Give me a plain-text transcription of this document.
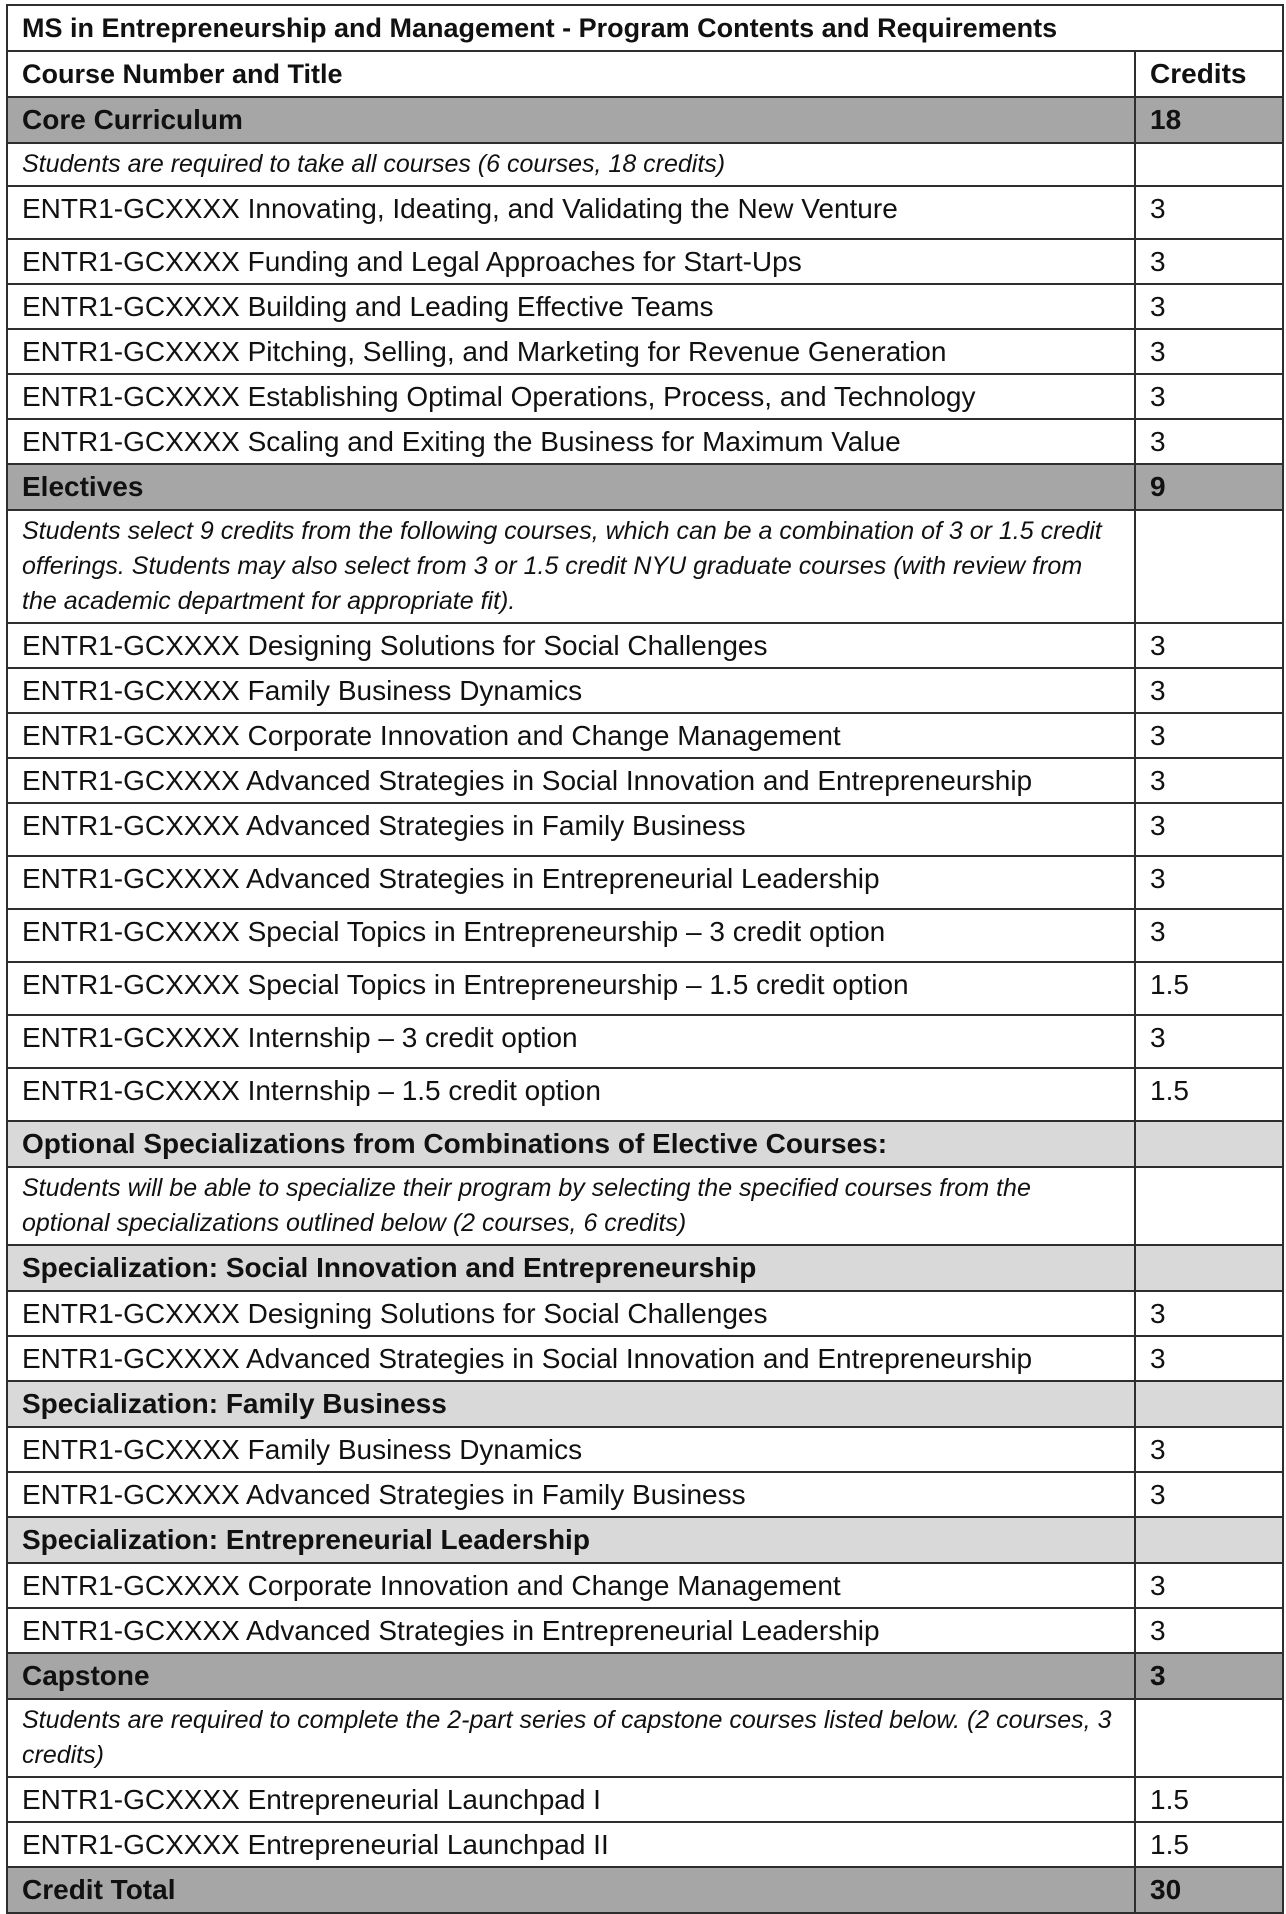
MS in Entrepreneurship and Management - Program Contents and Requirements	
Course Number and Title	Credits
Core Curriculum	18
Students are required to take all courses (6 courses, 18 credits)	
ENTR1-GCXXXX Innovating, Ideating, and Validating the New Venture	3
ENTR1-GCXXXX Funding and Legal Approaches for Start-Ups	3
ENTR1-GCXXXX Building and Leading Effective Teams	3
ENTR1-GCXXXX Pitching, Selling, and Marketing for Revenue Generation	3
ENTR1-GCXXXX Establishing Optimal Operations, Process, and Technology	3
ENTR1-GCXXXX Scaling and Exiting the Business for Maximum Value	3
Electives	9
Students select 9 credits from the following courses, which can be a combination of 3 or 1.5 credit offerings. Students may also select from 3 or 1.5 credit NYU graduate courses (with review from the academic department for appropriate fit).	
ENTR1-GCXXXX Designing Solutions for Social Challenges	3
ENTR1-GCXXXX Family Business Dynamics	3
ENTR1-GCXXXX Corporate Innovation and Change Management	3
ENTR1-GCXXXX Advanced Strategies in Social Innovation and Entrepreneurship	3
ENTR1-GCXXXX Advanced Strategies in Family Business	3
ENTR1-GCXXXX Advanced Strategies in Entrepreneurial Leadership	3
ENTR1-GCXXXX Special Topics in Entrepreneurship – 3 credit option	3
ENTR1-GCXXXX Special Topics in Entrepreneurship – 1.5 credit option	1.5
ENTR1-GCXXXX Internship – 3 credit option	3
ENTR1-GCXXXX Internship – 1.5 credit option	1.5
Optional Specializations from Combinations of Elective Courses:	
Students will be able to specialize their program by selecting the specified courses from the optional specializations outlined below (2 courses, 6 credits)	
Specialization: Social Innovation and Entrepreneurship	
ENTR1-GCXXXX Designing Solutions for Social Challenges	3
ENTR1-GCXXXX Advanced Strategies in Social Innovation and Entrepreneurship	3
Specialization: Family Business	
ENTR1-GCXXXX Family Business Dynamics	3
ENTR1-GCXXXX Advanced Strategies in Family Business	3
Specialization: Entrepreneurial Leadership	
ENTR1-GCXXXX Corporate Innovation and Change Management	3
ENTR1-GCXXXX Advanced Strategies in Entrepreneurial Leadership	3
Capstone	3
Students are required to complete the 2-part series of capstone courses listed below. (2 courses, 3 credits)	
ENTR1-GCXXXX Entrepreneurial Launchpad I	1.5
ENTR1-GCXXXX Entrepreneurial Launchpad II	1.5
Credit Total	30
